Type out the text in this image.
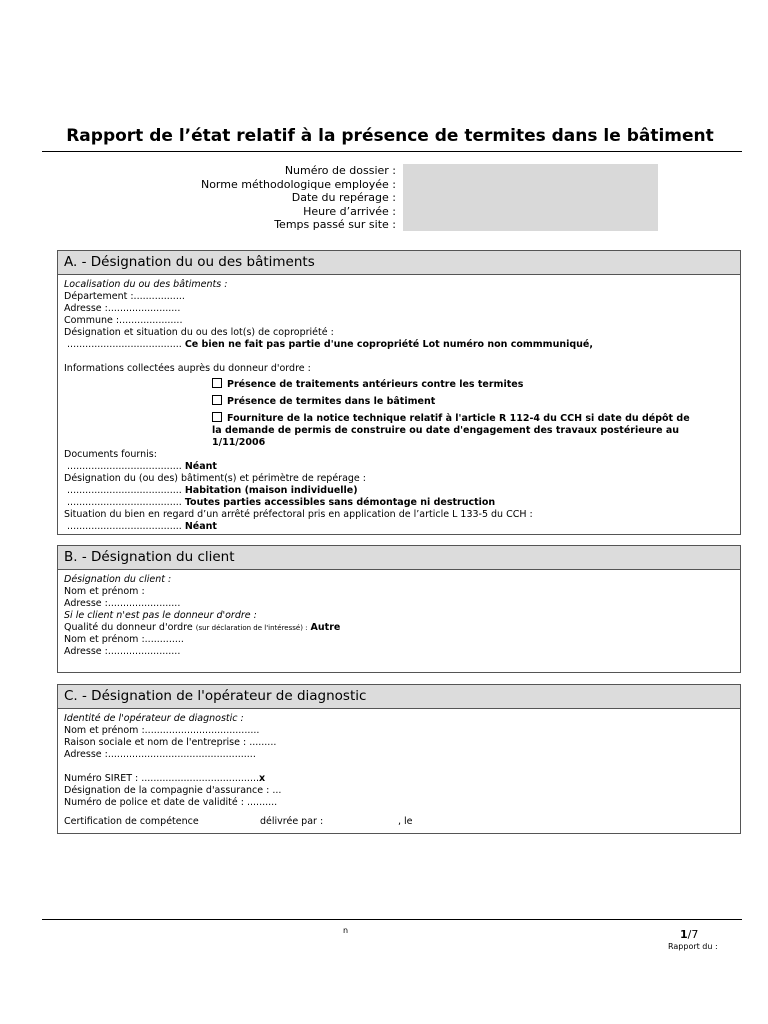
Rapport de l’état relatif à la présence de termites dans le bâtiment
Numéro de dossier :
Norme méthodologique employée :
Date du repérage :
Heure d’arrivée :
Temps passé sur site :
A. - Désignation du ou des bâtiments
Localisation du ou des bâtiments :
Département :.................
Adresse :........................
Commune :.....................
Désignation et situation du ou des lot(s) de copropriété :
...................................... Ce bien ne fait pas partie d'une copropriété Lot numéro non commmuniqué,

Informations collectées auprès du donneur d'ordre :
Présence de traitements antérieurs contre les termites
Présence de termites dans le bâtiment
Fourniture de la notice technique relatif à l'article R 112-4 du CCH si date du dépôt de
la demande de permis de construire ou date d'engagement des travaux postérieure au
1/11/2006
Documents fournis:
...................................... Néant
Désignation du (ou des) bâtiment(s) et périmètre de repérage :
...................................... Habitation (maison individuelle)
...................................... Toutes parties accessibles sans démontage ni destruction
Situation du bien en regard d’un arrêté préfectoral pris en application de l’article L 133-5 du CCH :
...................................... Néant
B. - Désignation du client
Désignation du client :
Nom et prénom :
Adresse :........................
Si le client n'est pas le donneur d'ordre :
Qualité du donneur d'ordre (sur déclaration de l'intéressé) : Autre
Nom et prénom :.............
Adresse :........................
C. - Désignation de l'opérateur de diagnostic
Identité de l'opérateur de diagnostic :
Nom et prénom :......................................
Raison sociale et nom de l'entreprise : .........
Adresse :.................................................

Numéro SIRET : .......................................x
Désignation de la compagnie d'assurance : ...
Numéro de police et date de validité : ..........
Certification de compétence	délivrée par :	, le
n	1/7
Rapport du :
